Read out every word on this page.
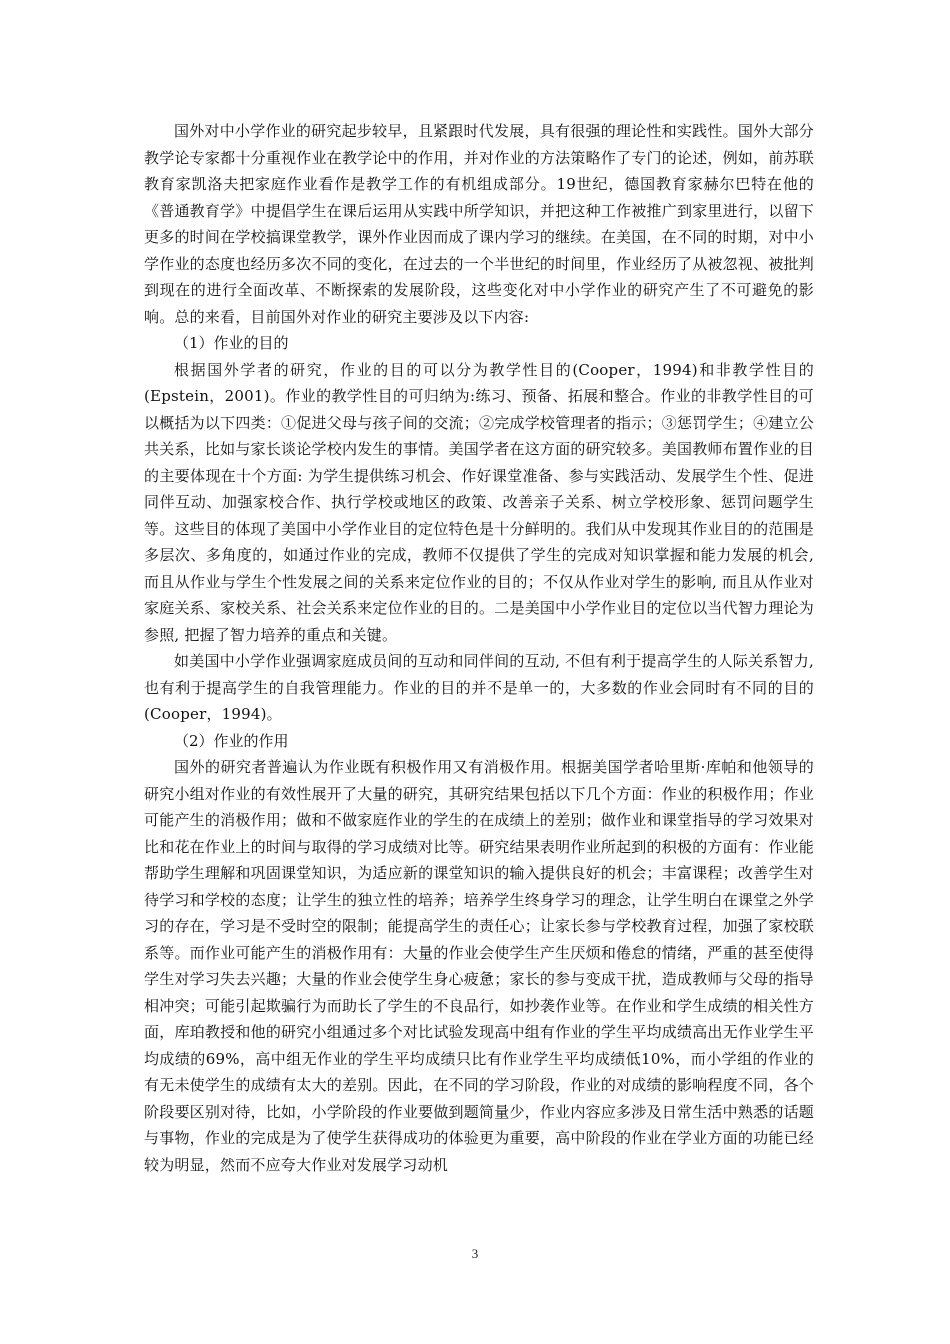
国外对中小学作业的研究起步较早，且紧跟时代发展，具有很强的理论性和实践性。国外大部分教学论专家都十分重视作业在教学论中的作用，并对作业的方法策略作了专门的论述，例如，前苏联教育家凯洛夫把家庭作业看作是教学工作的有机组成部分。19世纪，德国教育家赫尔巴特在他的《普通教育学》中提倡学生在课后运用从实践中所学知识，并把这种工作被推广到家里进行，以留下更多的时间在学校搞课堂教学，课外作业因而成了课内学习的继续。在美国，在不同的时期，对中小学作业的态度也经历多次不同的变化，在过去的一个半世纪的时间里，作业经历了从被忽视、被批判到现在的进行全面改革、不断探索的发展阶段，这些变化对中小学作业的研究产生了不可避免的影响。总的来看，目前国外对作业的研究主要涉及以下内容:

（1）作业的目的

根据国外学者的研究，作业的目的可以分为教学性目的(Cooper，1994)和非教学性目的(Epstein，2001)。作业的教学性目的可归纳为:练习、预备、拓展和整合。作业的非教学性目的可以概括为以下四类：①促进父母与孩子间的交流；②完成学校管理者的指示；③惩罚学生；④建立公共关系，比如与家长谈论学校内发生的事情。美国学者在这方面的研究较多。美国教师布置作业的目的主要体现在十个方面: 为学生提供练习机会、作好课堂准备、参与实践活动、发展学生个性、促进同伴互动、加强家校合作、执行学校或地区的政策、改善亲子关系、树立学校形象、惩罚问题学生等。这些目的体现了美国中小学作业目的定位特色是十分鲜明的。我们从中发现其作业目的的范围是多层次、多角度的，如通过作业的完成，教师不仅提供了学生的完成对知识掌握和能力发展的机会, 而且从作业与学生个性发展之间的关系来定位作业的目的；不仅从作业对学生的影响, 而且从作业对家庭关系、家校关系、社会关系来定位作业的目的。二是美国中小学作业目的定位以当代智力理论为参照, 把握了智力培养的重点和关键。

如美国中小学作业强调家庭成员间的互动和同伴间的互动, 不但有利于提高学生的人际关系智力, 也有利于提高学生的自我管理能力。作业的目的并不是单一的，大多数的作业会同时有不同的目的(Cooper，1994)。

（2）作业的作用

国外的研究者普遍认为作业既有积极作用又有消极作用。根据美国学者哈里斯·库帕和他领导的研究小组对作业的有效性展开了大量的研究，其研究结果包括以下几个方面：作业的积极作用；作业可能产生的消极作用；做和不做家庭作业的学生的在成绩上的差别；做作业和课堂指导的学习效果对比和花在作业上的时间与取得的学习成绩对比等。研究结果表明作业所起到的积极的方面有：作业能帮助学生理解和巩固课堂知识，为适应新的课堂知识的输入提供良好的机会；丰富课程；改善学生对待学习和学校的态度；让学生的独立性的培养；培养学生终身学习的理念，让学生明白在课堂之外学习的存在，学习是不受时空的限制；能提高学生的责任心；让家长参与学校教育过程，加强了家校联系等。而作业可能产生的消极作用有：大量的作业会使学生产生厌烦和倦怠的情绪，严重的甚至使得学生对学习失去兴趣；大量的作业会使学生身心疲惫；家长的参与变成干扰，造成教师与父母的指导相冲突；可能引起欺骗行为而助长了学生的不良品行，如抄袭作业等。在作业和学生成绩的相关性方面，库珀教授和他的研究小组通过多个对比试验发现高中组有作业的学生平均成绩高出无作业学生平均成绩的69%，高中组无作业的学生平均成绩只比有作业学生平均成绩低10%，而小学组的作业的有无未使学生的成绩有太大的差别。因此，在不同的学习阶段，作业的对成绩的影响程度不同，各个阶段要区别对待，比如，小学阶段的作业要做到题简量少，作业内容应多涉及日常生活中熟悉的话题与事物，作业的完成是为了使学生获得成功的体验更为重要，高中阶段的作业在学业方面的功能已经较为明显，然而不应夸大作业对发展学习动机

3
